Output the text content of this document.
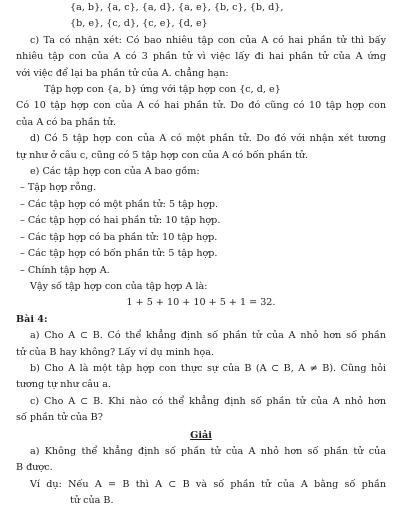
{a, b}, {a, c}, {a, d}, {a, e}, {b, c}, {b, d},
{b, e}, {c, d}, {c, e}, {d, e}
c) Ta có nhận xét: Có bao nhiêu tập con của A có hai phần tử thì bấy
nhiêu tập con của A có 3 phần tử vì việc lấy đi hai phần tử của A ứng
với việc để lại ba phần tử của A. chẳng hạn:
Tập hợp con {a, b} ứng với tập hợp con {c, d, e}
Có 10 tập hợp con của A có hai phần tử. Do đó cũng có 10 tập hợp con
của A có ba phần tử.
d) Có 5 tập hợp con của A có một phần tử. Do đó với nhận xét tương
tự như ở câu c, cũng có 5 tập hợp con của A có bốn phần tử.
e) Các tập hợp con của A bao gồm:
– Tập hợp rỗng.
– Các tập hợp có một phần tử: 5 tập hợp.
– Các tập hợp có hai phần tử: 10 tập hợp.
– Các tập hợp có ba phần tử: 10 tập hợp.
– Các tập hợp có bốn phần tử: 5 tập hợp.
– Chính tập hợp A.
Vậy số tập hợp con của tập hợp A là:
1 + 5 + 10 + 10 + 5 + 1 = 32.
Bài 4:
a) Cho A ⊂ B. Có thể khẳng định số phần tử của A nhỏ hơn số phần
tử của B hay không? Lấy ví dụ minh họa.
b) Cho A là một tập hợp con thực sự của B (A ⊂ B, A ≠ B). Cũng hỏi
tương tự như câu a.
c) Cho A ⊂ B. Khi nào có thể khẳng định số phần tử của A nhỏ hơn
số phần tử của B?
Giải
a) Không thể khẳng định số phần tử của A nhỏ hơn số phần tử của
B được.
Ví dụ: Nếu A = B thì A ⊂ B và số phần tử của A bằng số phần
tử của B.
